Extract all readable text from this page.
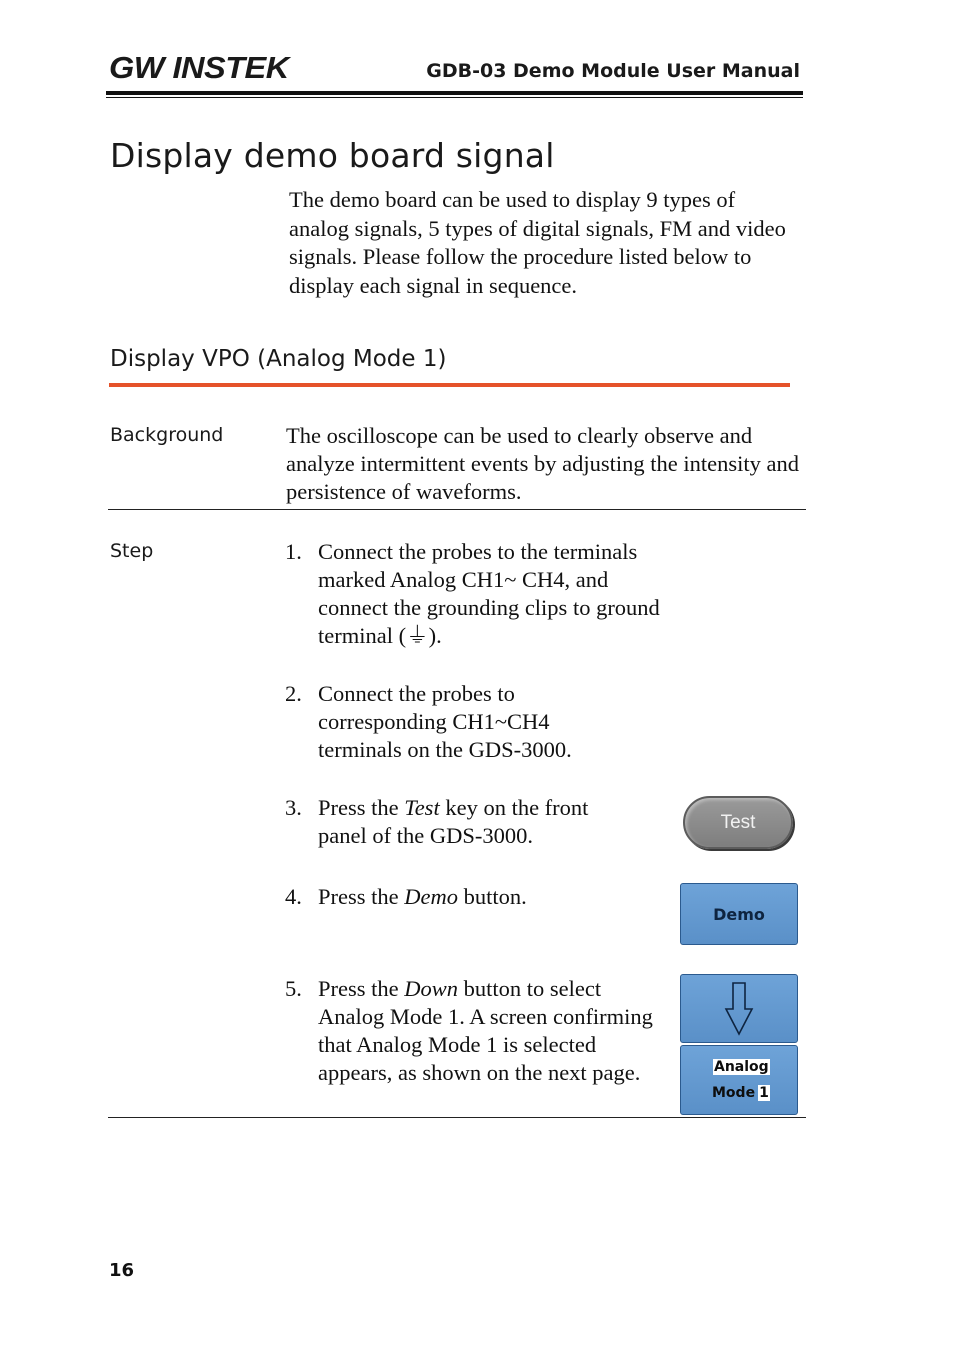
GW INSTEK	GDB-03 Demo Module User Manual
Display demo board signal
The demo board can be used to display 9 types of analog signals, 5 types of digital signals, FM and video signals. Please follow the procedure listed below to display each signal in sequence.
Display VPO (Analog Mode 1)
Background	The oscilloscope can be used to clearly observe and analyze intermittent events by adjusting the intensity and persistence of waveforms.
Step	1. Connect the probes to the terminals marked Analog CH1~ CH4, and connect the grounding clips to ground terminal (⏚).
2. Connect the probes to corresponding CH1~CH4 terminals on the GDS-3000.
3. Press the Test key on the front panel of the GDS-3000.
4. Press the Demo button.
5. Press the Down button to select Analog Mode 1. A screen confirming that Analog Mode 1 is selected appears, as shown on the next page.
Test
Demo
Analog
Mode 1
16
